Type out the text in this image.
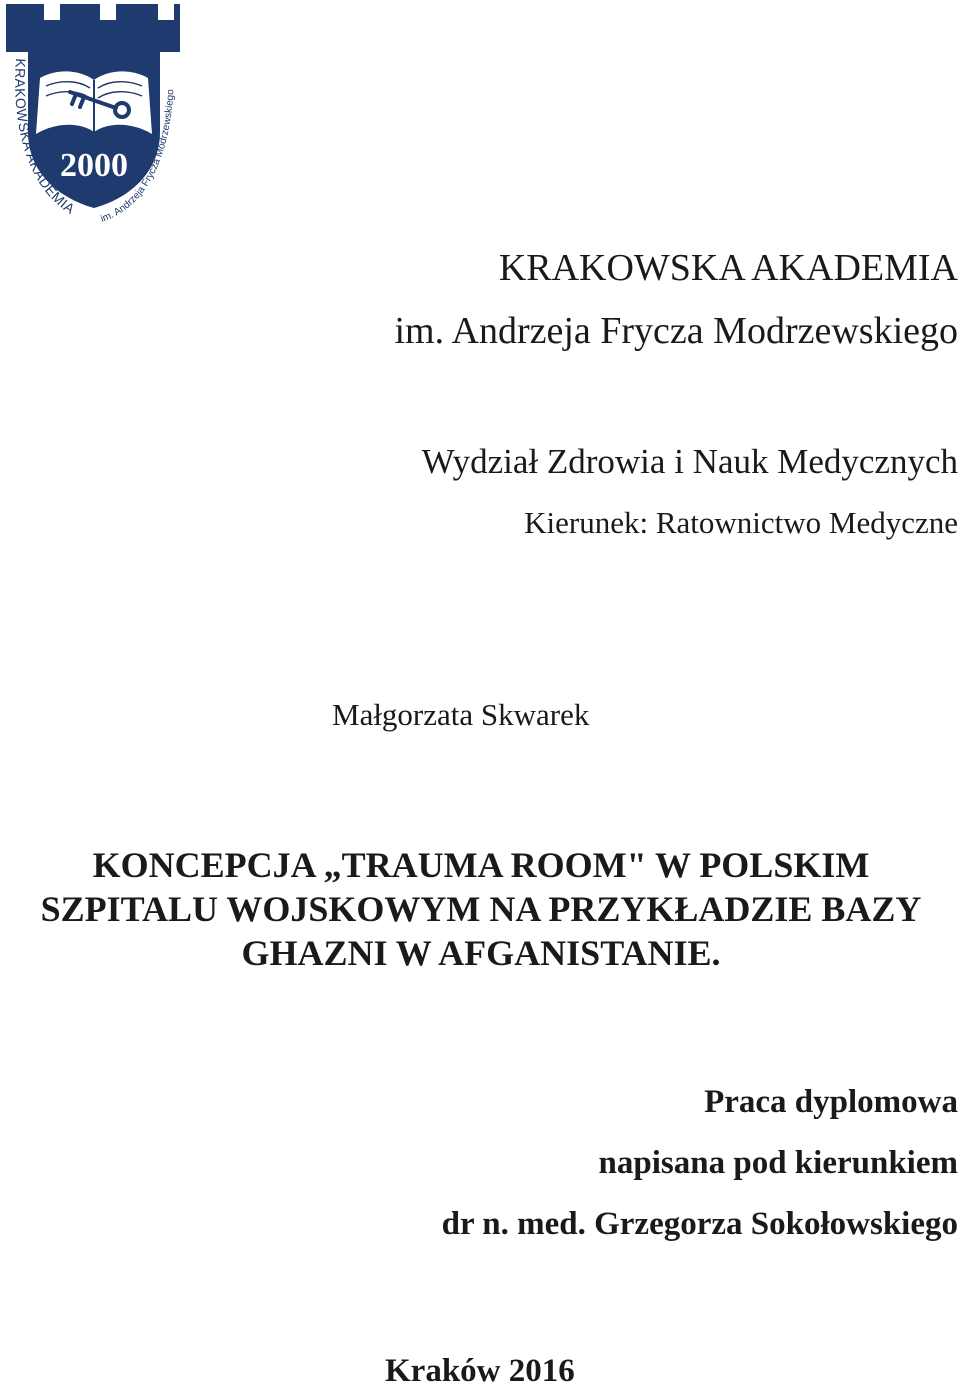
2000
KRAKOWSKA AKADEMIA
im. Andrzeja Frycza Modrzewskiego

KRAKOWSKA AKADEMIA

im. Andrzeja Frycza Modrzewskiego

Wydział Zdrowia i Nauk Medycznych

Kierunek: Ratownictwo Medyczne

Małgorzata Skwarek

KONCEPCJA „TRAUMA ROOM" W POLSKIM
SZPITALU WOJSKOWYM NA PRZYKŁADZIE BAZY
GHAZNI W AFGANISTANIE.

Praca dyplomowa

napisana pod kierunkiem

dr n. med. Grzegorza Sokołowskiego

Kraków 2016
